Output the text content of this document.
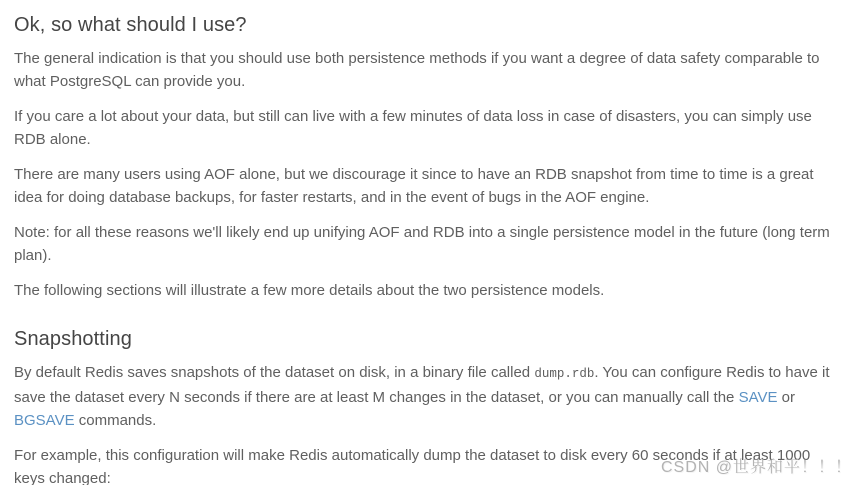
Ok, so what should I use?

The general indication is that you should use both persistence methods if you want a degree of data safety comparable to what PostgreSQL can provide you.

If you care a lot about your data, but still can live with a few minutes of data loss in case of disasters, you can simply use RDB alone.

There are many users using AOF alone, but we discourage it since to have an RDB snapshot from time to time is a great idea for doing database backups, for faster restarts, and in the event of bugs in the AOF engine.

Note: for all these reasons we'll likely end up unifying AOF and RDB into a single persistence model in the future (long term plan).

The following sections will illustrate a few more details about the two persistence models.

Snapshotting

By default Redis saves snapshots of the dataset on disk, in a binary file called dump.rdb. You can configure Redis to have it save the dataset every N seconds if there are at least M changes in the dataset, or you can manually call the SAVE or BGSAVE commands.

For example, this configuration will make Redis automatically dump the dataset to disk every 60 seconds if at least 1000 keys changed:

CSDN @世界和平！！！
